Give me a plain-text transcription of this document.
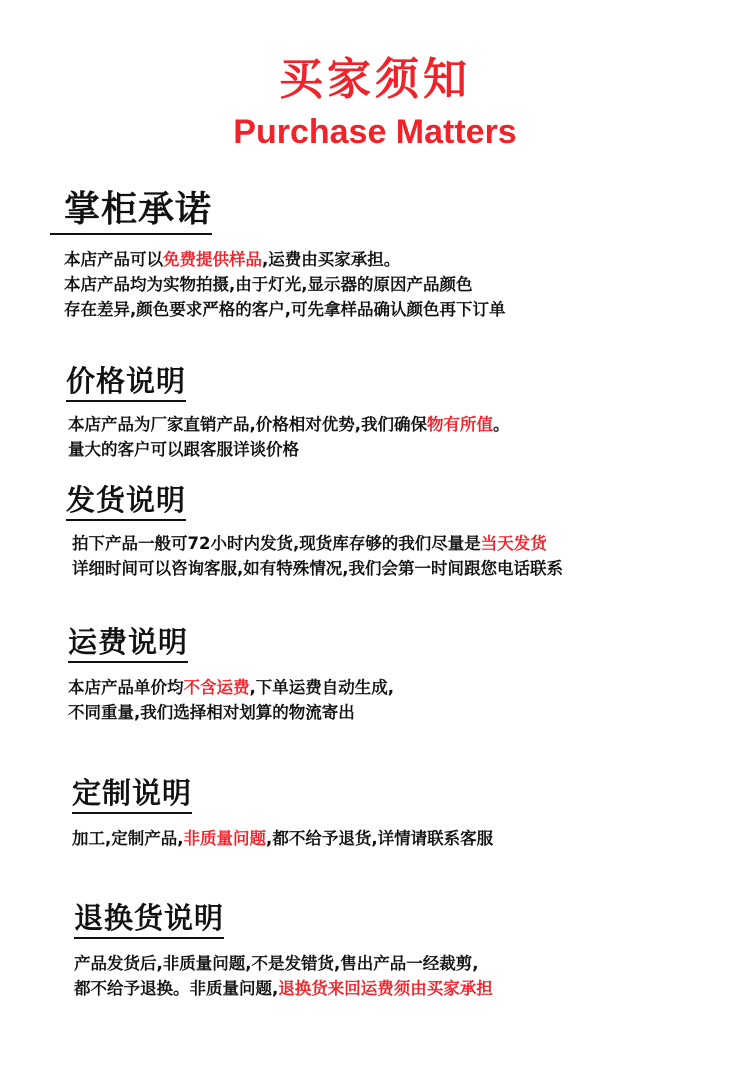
买家须知
Purchase Matters
掌柜承诺
本店产品可以免费提供样品,运费由买家承担。
本店产品均为实物拍摄,由于灯光,显示器的原因产品颜色
存在差异,颜色要求严格的客户,可先拿样品确认颜色再下订单
价格说明
本店产品为厂家直销产品,价格相对优势,我们确保物有所值。
量大的客户可以跟客服详谈价格
发货说明
拍下产品一般可72小时内发货,现货库存够的我们尽量是当天发货
详细时间可以咨询客服,如有特殊情况,我们会第一时间跟您电话联系
运费说明
本店产品单价均不含运费,下单运费自动生成,
不同重量,我们选择相对划算的物流寄出
定制说明
加工,定制产品,非质量问题,都不给予退货,详情请联系客服
退换货说明
产品发货后,非质量问题,不是发错货,售出产品一经裁剪,
都不给予退换。非质量问题,退换货来回运费须由买家承担
